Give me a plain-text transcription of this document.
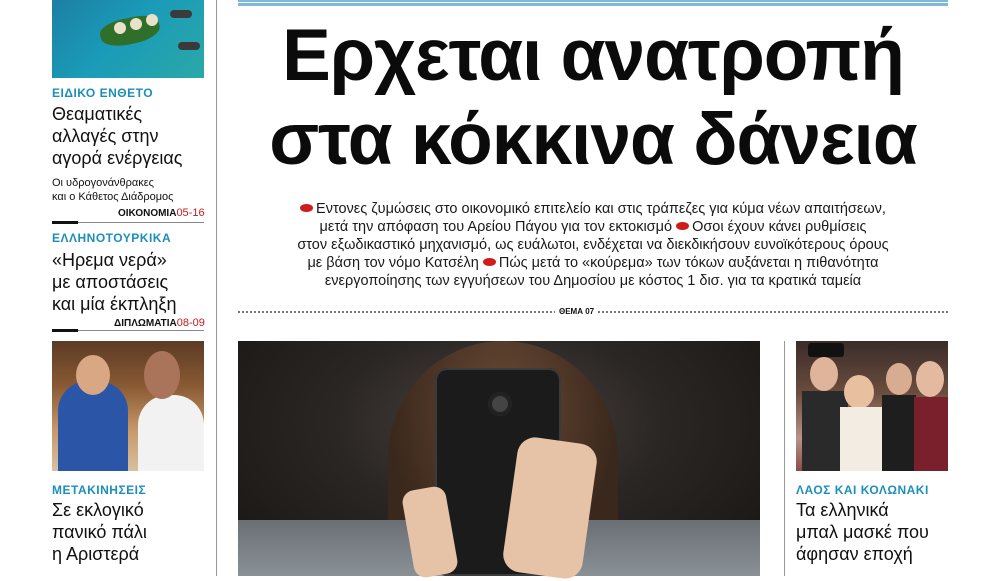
ΕΙΔΙΚΟ ΕΝΘΕΤΟ
Θεαματικές
αλλαγές στην
αγορά ενέργειας
Οι υδρογονάνθρακες
και ο Κάθετος Διάδρομος
ΟΙΚΟΝΟΜΙΑ05-16
ΕΛΛΗΝΟΤΟΥΡΚΙΚΑ
«Ηρεμα νερά»
με αποστάσεις
και μία έκπληξη
ΔΙΠΛΩΜΑΤΙΑ08-09
ΜΕΤΑΚΙΝΗΣΕΙΣ
Σε εκλογικό
πανικό πάλι
η Αριστερά
Ερχεται ανατροπή
στα κόκκινα δάνεια
Εντονες ζυμώσεις στο οικονομικό επιτελείο και στις τράπεζες για κύμα νέων απαιτήσεων,
μετά την απόφαση του Αρείου Πάγου για τον εκτοκισμό Οσοι έχουν κάνει ρυθμίσεις
στον εξωδικαστικό μηχανισμό, ως ευάλωτοι, ενδέχεται να διεκδικήσουν ευνοϊκότερους όρους
με βάση τον νόμο Κατσέλη Πώς μετά το «κούρεμα» των τόκων αυξάνεται η πιθανότητα
ενεργοποίησης των εγγυήσεων του Δημοσίου με κόστος 1 δισ. για τα κρατικά ταμεία
ΘΕΜΑ 07
ΛΑΟΣ ΚΑΙ ΚΟΛΩΝΑΚΙ
Τα ελληνικά
μπαλ μασκέ που
άφησαν εποχή
